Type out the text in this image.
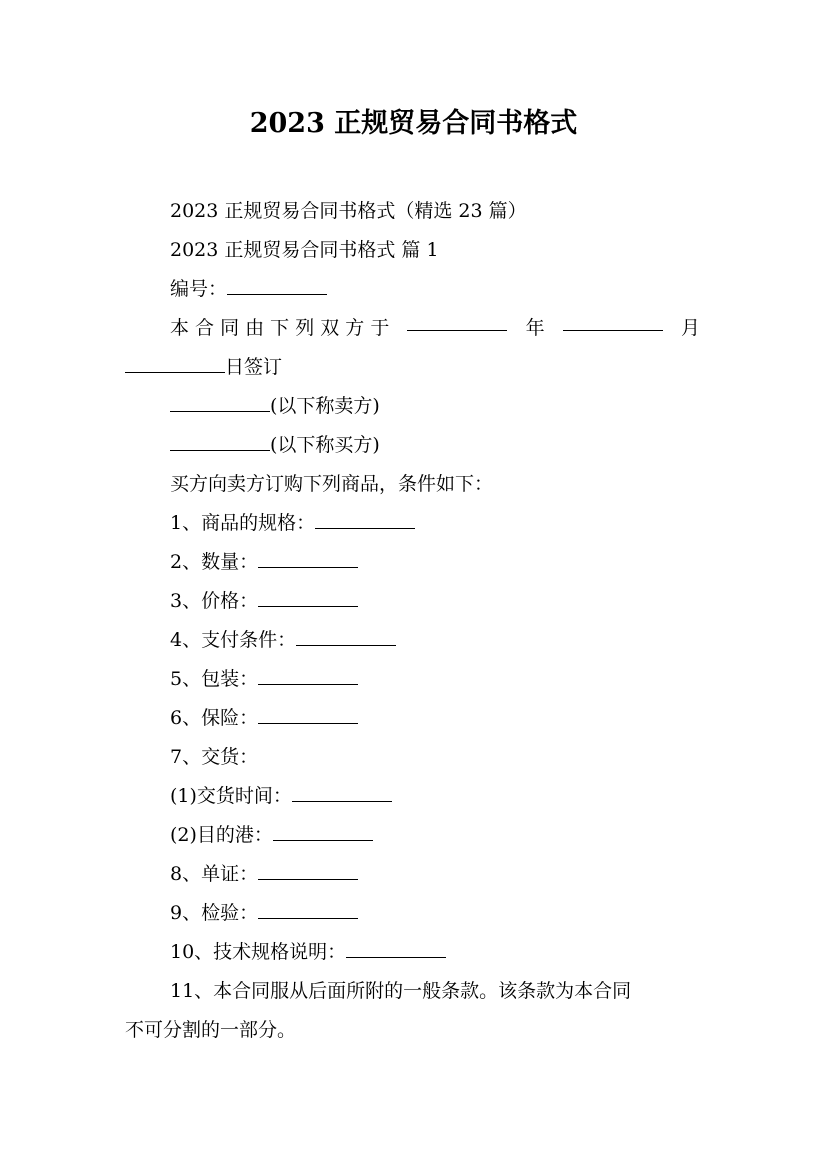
2023 正规贸易合同书格式
2023 正规贸易合同书格式（精选 23 篇）
2023 正规贸易合同书格式 篇 1
编号：
本 合 同 由 下 列 双 方 于	年	月
日签订
(以下称卖方)
(以下称买方)
买方向卖方订购下列商品，条件如下：
1、商品的规格：
2、数量：
3、价格：
4、支付条件：
5、包装：
6、保险：
7、交货：
(1)交货时间：
(2)目的港：
8、单证：
9、检验：
10、技术规格说明：
11、本合同服从后面所附的一般条款。该条款为本合同
不可分割的一部分。
